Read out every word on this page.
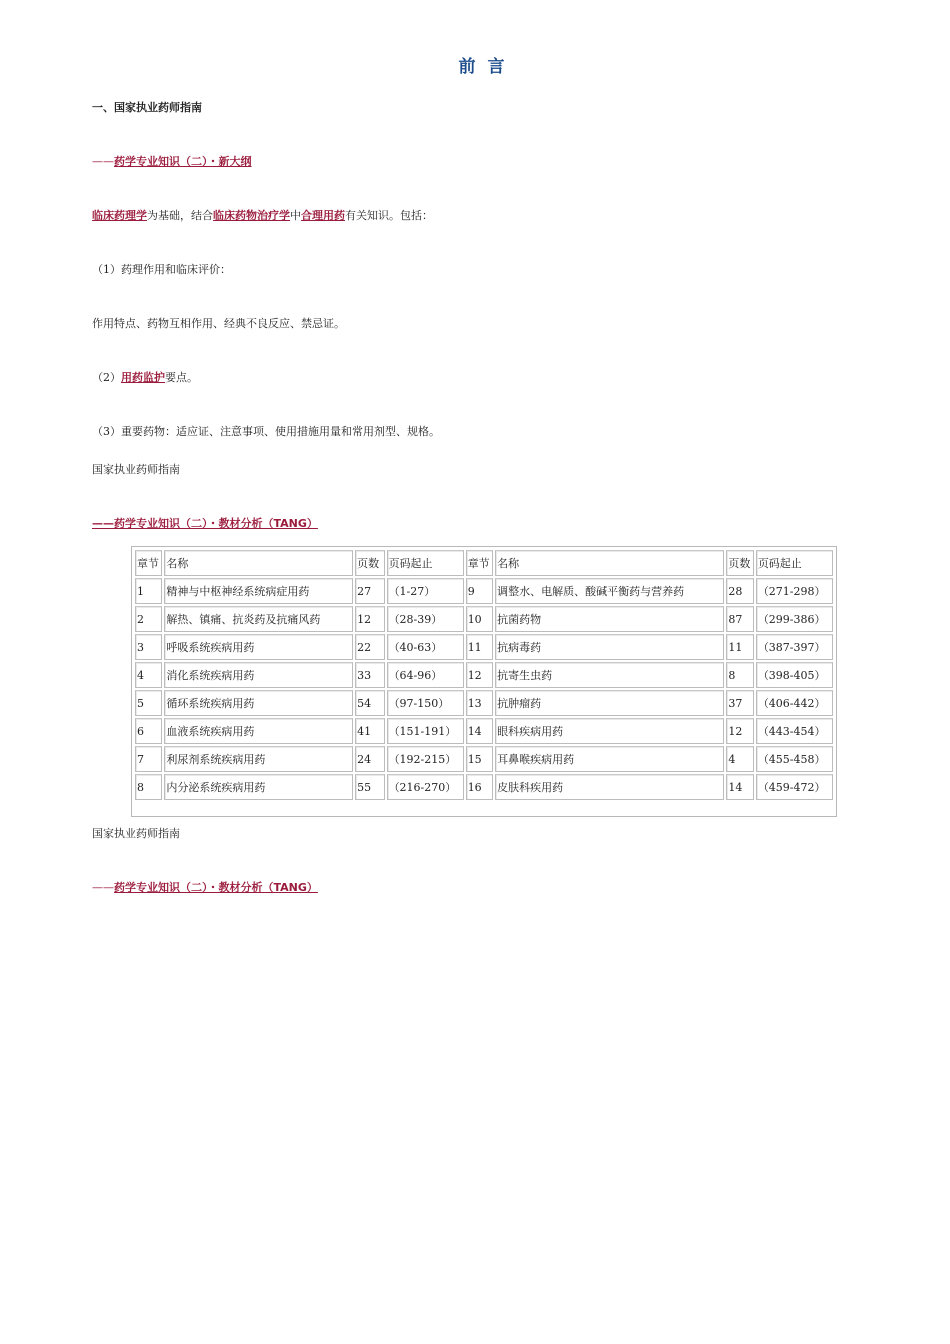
前言
一、国家执业药师指南
——药学专业知识（二）・新大纲
临床药理学为基础，结合临床药物治疗学中合理用药有关知识。包括：
（1）药理作用和临床评价：
作用特点、药物互相作用、经典不良反应、禁忌证。
（2）用药监护要点。
（3）重要药物：适应证、注意事项、使用措施用量和常用剂型、规格。
国家执业药师指南
——药学专业知识（二）・教材分析（TANG）
章节	名称	页数	页码起止	章节	名称	页数	页码起止
1	精神与中枢神经系统病症用药	27	（1-27）	9	调整水、电解质、酸碱平衡药与营养药	28	（271-298）
2	解热、镇痛、抗炎药及抗痛风药	12	（28-39）	10	抗菌药物	87	（299-386）
3	呼吸系统疾病用药	22	（40-63）	11	抗病毒药	11	（387-397）
4	消化系统疾病用药	33	（64-96）	12	抗寄生虫药	8	（398-405）
5	循环系统疾病用药	54	（97-150）	13	抗肿瘤药	37	（406-442）
6	血液系统疾病用药	41	（151-191）	14	眼科疾病用药	12	（443-454）
7	利尿剂系统疾病用药	24	（192-215）	15	耳鼻喉疾病用药	4	（455-458）
8	内分泌系统疾病用药	55	（216-270）	16	皮肤科疾用药	14	（459-472）
国家执业药师指南
——药学专业知识（二）・教材分析（TANG）
